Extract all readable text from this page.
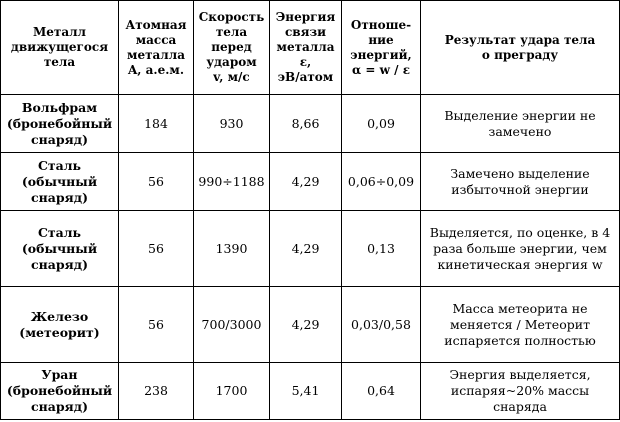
Металл
движущегося
тела	Атомная
масса
металла
A, а.е.м.	Скорость
тела
перед
ударом
v, м/с	Энергия
связи
металла
ε,
эВ/атом	Отноше-
ние
энергий,
α = w / ε	Результат удара тела
о преграду

Вольфрам
(бронебойный
снаряд)	184	930	8,66	0,09	Выделение энергии не замечено

Сталь
(обычный
снаряд)	56	990÷1188	4,29	0,06÷0,09	Замечено выделение избыточной энергии

Сталь
(обычный
снаряд)	56	1390	4,29	0,13	Выделяется, по оценке, в 4 раза больше энергии, чем кинетическая энергия w

Железо
(метеорит)	56	700/3000	4,29	0,03/0,58	Масса метеорита не меняется / Метеорит испаряется полностью

Уран
(бронебойный
снаряд)	238	1700	5,41	0,64	Энергия выделяется, испаряя~20% массы снаряда
